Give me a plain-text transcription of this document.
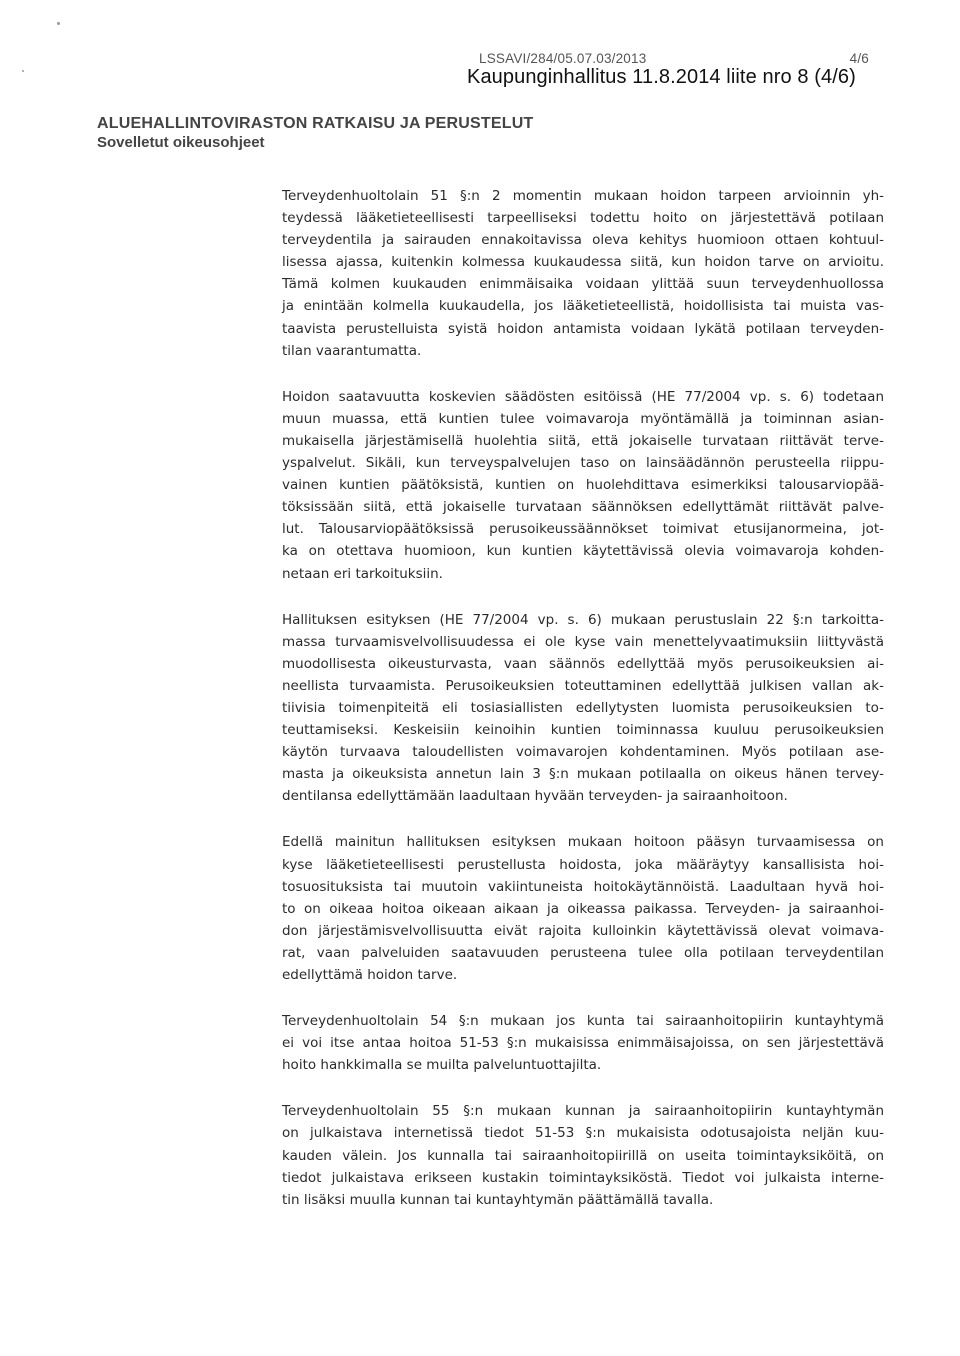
LSSAVI/284/05.07.03/2013	4/6
Kaupunginhallitus 11.8.2014 liite nro 8 (4/6)
ALUEHALLINTOVIRASTON RATKAISU JA PERUSTELUT
Sovelletut oikeusohjeet
Terveydenhuoltolain 51 §:n 2 momentin mukaan hoidon tarpeen arvioinnin yh-
teydessä lääketieteellisesti tarpeelliseksi todettu hoito on järjestettävä potilaan
terveydentila ja sairauden ennakoitavissa oleva kehitys huomioon ottaen kohtuul-
lisessa ajassa, kuitenkin kolmessa kuukaudessa siitä, kun hoidon tarve on arvioitu.
Tämä kolmen kuukauden enimmäisaika voidaan ylittää suun terveydenhuollossa
ja enintään kolmella kuukaudella, jos lääketieteellistä, hoidollisista tai muista vas-
taavista perustelluista syistä hoidon antamista voidaan lykätä potilaan terveyden-
tilan vaarantumatta.
Hoidon saatavuutta koskevien säädösten esitöissä (HE 77/2004 vp. s. 6) todetaan
muun muassa, että kuntien tulee voimavaroja myöntämällä ja toiminnan asian-
mukaisella järjestämisellä huolehtia siitä, että jokaiselle turvataan riittävät terve-
yspalvelut. Sikäli, kun terveyspalvelujen taso on lainsäädännön perusteella riippu-
vainen kuntien päätöksistä, kuntien on huolehdittava esimerkiksi talousarviopää-
töksissään siitä, että jokaiselle turvataan säännöksen edellyttämät riittävät palve-
lut. Talousarviopäätöksissä perusoikeussäännökset toimivat etusijanormeina, jot-
ka on otettava huomioon, kun kuntien käytettävissä olevia voimavaroja kohden-
netaan eri tarkoituksiin.
Hallituksen esityksen (HE 77/2004 vp. s. 6) mukaan perustuslain 22 §:n tarkoitta-
massa turvaamisvelvollisuudessa ei ole kyse vain menettelyvaatimuksiin liittyvästä
muodollisesta oikeusturvasta, vaan säännös edellyttää myös perusoikeuksien ai-
neellista turvaamista. Perusoikeuksien toteuttaminen edellyttää julkisen vallan ak-
tiivisia toimenpiteitä eli tosiasiallisten edellytysten luomista perusoikeuksien to-
teuttamiseksi. Keskeisiin keinoihin kuntien toiminnassa kuuluu perusoikeuksien
käytön turvaava taloudellisten voimavarojen kohdentaminen. Myös potilaan ase-
masta ja oikeuksista annetun lain 3 §:n mukaan potilaalla on oikeus hänen tervey-
dentilansa edellyttämään laadultaan hyvään terveyden- ja sairaanhoitoon.
Edellä mainitun hallituksen esityksen mukaan hoitoon pääsyn turvaamisessa on
kyse lääketieteellisesti perustellusta hoidosta, joka määräytyy kansallisista hoi-
tosuosituksista tai muutoin vakiintuneista hoitokäytännöistä. Laadultaan hyvä hoi-
to on oikeaa hoitoa oikeaan aikaan ja oikeassa paikassa. Terveyden- ja sairaanhoi-
don järjestämisvelvollisuutta eivät rajoita kulloinkin käytettävissä olevat voimava-
rat, vaan palveluiden saatavuuden perusteena tulee olla potilaan terveydentilan
edellyttämä hoidon tarve.
Terveydenhuoltolain 54 §:n mukaan jos kunta tai sairaanhoitopiirin kuntayhtymä
ei voi itse antaa hoitoa 51-53 §:n mukaisissa enimmäisajoissa, on sen järjestettävä
hoito hankkimalla se muilta palveluntuottajilta.
Terveydenhuoltolain 55 §:n mukaan kunnan ja sairaanhoitopiirin kuntayhtymän
on julkaistava internetissä tiedot 51-53 §:n mukaisista odotusajoista neljän kuu-
kauden välein. Jos kunnalla tai sairaanhoitopiirillä on useita toimintayksiköitä, on
tiedot julkaistava erikseen kustakin toimintayksiköstä. Tiedot voi julkaista interne-
tin lisäksi muulla kunnan tai kuntayhtymän päättämällä tavalla.
